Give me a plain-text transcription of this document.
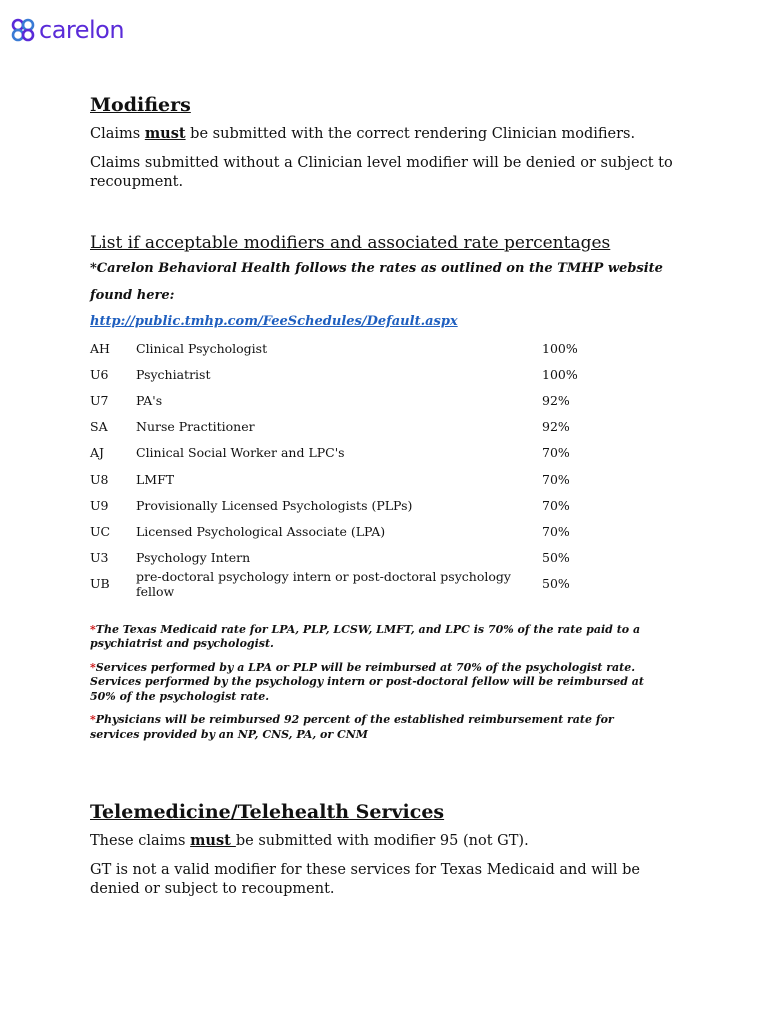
carelon
Modifiers

Claims must be submitted with the correct rendering Clinician modifiers.

Claims submitted without a Clinician level modifier will be denied or subject to recoupment.

List if acceptable modifiers and associated rate percentages

*Carelon Behavioral Health follows the rates as outlined on the TMHP website

found here:

http://public.tmhp.com/FeeSchedules/Default.aspx
AH	Clinical Psychologist	100%
U6	Psychiatrist	100%
U7	PA's	92%
SA	Nurse Practitioner	92%
AJ	Clinical Social Worker and LPC's	70%
U8	LMFT	70%
U9	Provisionally Licensed Psychologists (PLPs)	70%
UC	Licensed Psychological Associate (LPA)	70%
U3	Psychology Intern	50%
UB	pre-doctoral psychology intern or post-doctoral psychology fellow	50%

*The Texas Medicaid rate for LPA, PLP, LCSW, LMFT, and LPC is 70% of the rate paid to a psychiatrist and psychologist.

*Services performed by a LPA or PLP will be reimbursed at 70% of the psychologist rate. Services performed by the psychology intern or post-doctoral fellow will be reimbursed at 50% of the psychologist rate.

*Physicians will be reimbursed 92 percent of the established reimbursement rate for services provided by an NP, CNS, PA, or CNM

Telemedicine/Telehealth Services

These claims must be submitted with modifier 95 (not GT).

GT is not a valid modifier for these services for Texas Medicaid and will be denied or subject to recoupment.
